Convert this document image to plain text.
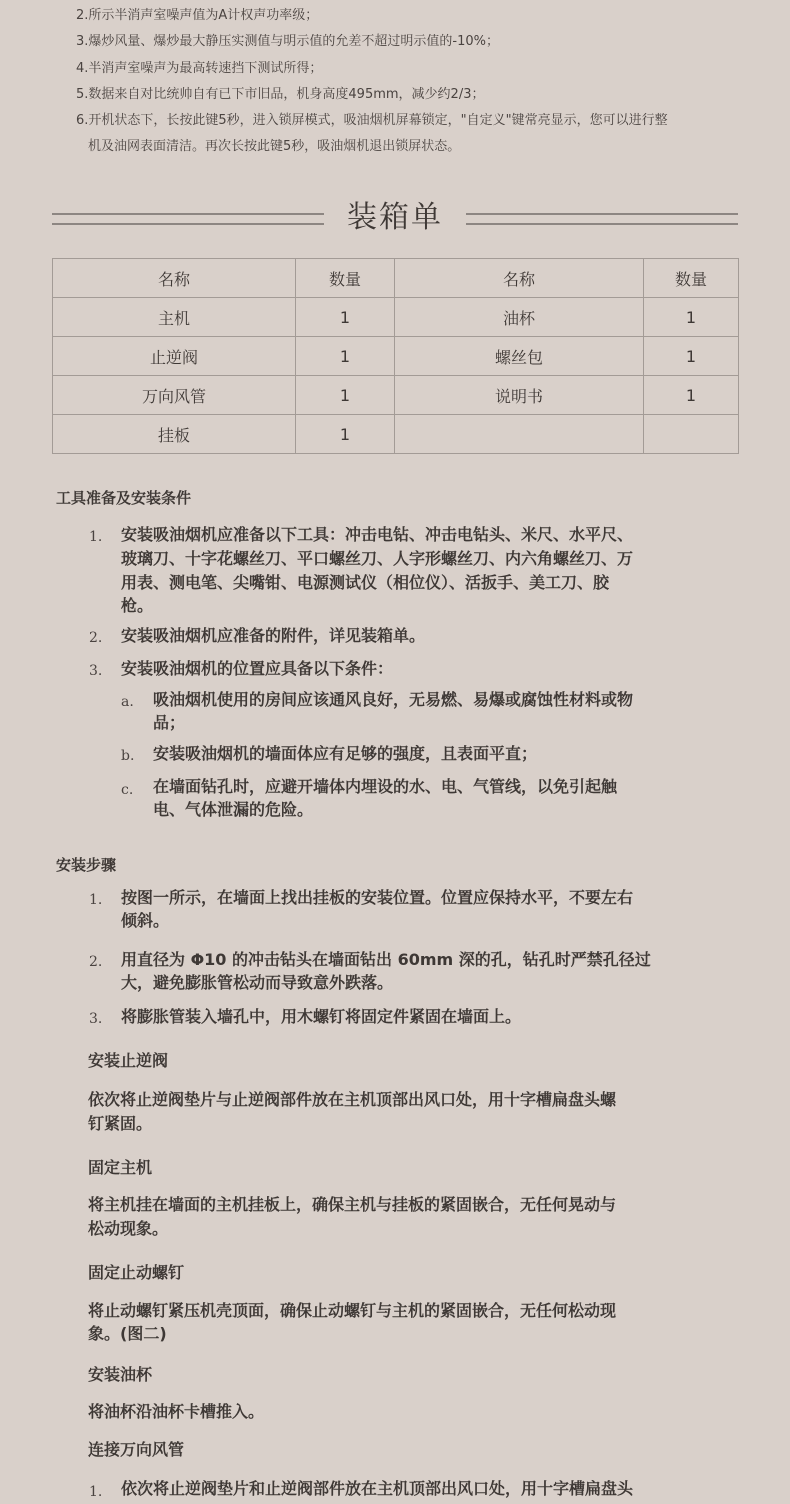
2.所示半消声室噪声值为A计权声功率级；
3.爆炒风量、爆炒最大静压实测值与明示值的允差不超过明示值的-10%；
4.半消声室噪声为最高转速挡下测试所得；
5.数据来自对比统帅自有已下市旧品，机身高度495mm，减少约2/3；
6.开机状态下，长按此键5秒，进入锁屏模式，吸油烟机屏幕锁定，"自定义"键常亮显示，您可以进行整
机及油网表面清洁。再次长按此键5秒，吸油烟机退出锁屏状态。
装箱单
名称	数量	名称	数量
主机	1	油杯	1
止逆阀	1	螺丝包	1
万向风管	1	说明书	1
挂板	1		
工具准备及安装条件
1. 安装吸油烟机应准备以下工具：冲击电钻、冲击电钻头、米尺、水平尺、
玻璃刀、十字花螺丝刀、平口螺丝刀、人字形螺丝刀、内六角螺丝刀、万
用表、测电笔、尖嘴钳、电源测试仪（相位仪）、活扳手、美工刀、胶
枪。
2. 安装吸油烟机应准备的附件，详见装箱单。
3. 安装吸油烟机的位置应具备以下条件：
a. 吸油烟机使用的房间应该通风良好，无易燃、易爆或腐蚀性材料或物
品；
b. 安装吸油烟机的墙面体应有足够的强度，且表面平直；
c. 在墙面钻孔时，应避开墙体内埋设的水、电、气管线，以免引起触
电、气体泄漏的危险。
安装步骤
1. 按图一所示，在墙面上找出挂板的安装位置。位置应保持水平，不要左右
倾斜。
2. 用直径为 Φ10 的冲击钻头在墙面钻出 60mm 深的孔，钻孔时严禁孔径过
大，避免膨胀管松动而导致意外跌落。
3. 将膨胀管装入墙孔中，用木螺钉将固定件紧固在墙面上。
安装止逆阀
依次将止逆阀垫片与止逆阀部件放在主机顶部出风口处，用十字槽扁盘头螺
钉紧固。
固定主机
将主机挂在墙面的主机挂板上，确保主机与挂板的紧固嵌合，无任何晃动与
松动现象。
固定止动螺钉
将止动螺钉紧压机壳顶面，确保止动螺钉与主机的紧固嵌合，无任何松动现
象。(图二)
安装油杯
将油杯沿油杯卡槽推入。
连接万向风管
1. 依次将止逆阀垫片和止逆阀部件放在主机顶部出风口处，用十字槽扁盘头
